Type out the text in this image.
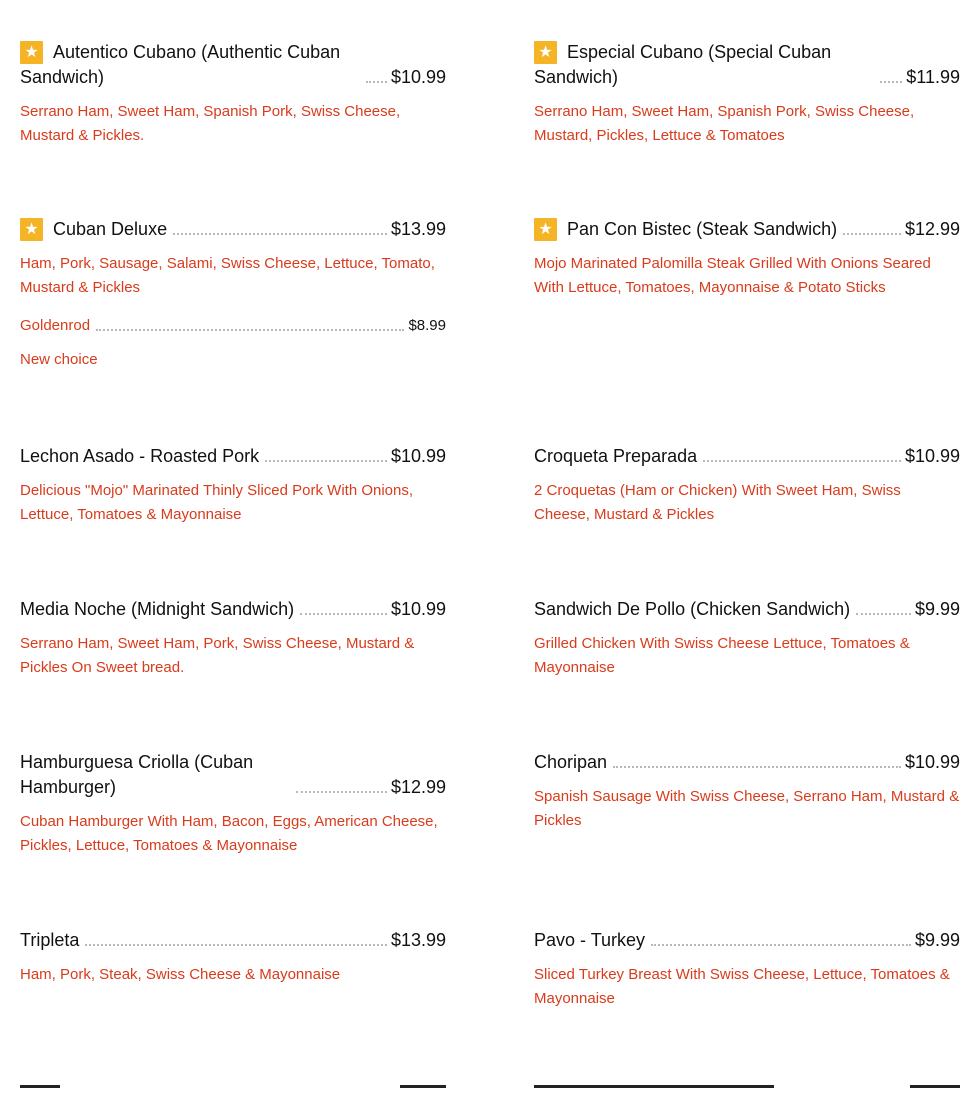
★ Autentico Cubano (Authentic Cuban Sandwich)	$10.99
Serrano Ham, Sweet Ham, Spanish Pork, Swiss Cheese, Mustard & Pickles.
★ Especial Cubano (Special Cuban Sandwich)	$11.99
Serrano Ham, Sweet Ham, Spanish Pork, Swiss Cheese, Mustard, Pickles, Lettuce & Tomatoes
★ Cuban Deluxe	$13.99
Ham, Pork, Sausage, Salami, Swiss Cheese, Lettuce, Tomato, Mustard & Pickles
Goldenrod	$8.99
New choice
★ Pan Con Bistec (Steak Sandwich)	$12.99
Mojo Marinated Palomilla Steak Grilled With Onions Seared With Lettuce, Tomatoes, Mayonnaise & Potato Sticks
Lechon Asado - Roasted Pork	$10.99
Delicious "Mojo" Marinated Thinly Sliced Pork With Onions, Lettuce, Tomatoes & Mayonnaise
Croqueta Preparada	$10.99
2 Croquetas (Ham or Chicken) With Sweet Ham, Swiss Cheese, Mustard & Pickles
Media Noche (Midnight Sandwich)	$10.99
Serrano Ham, Sweet Ham, Pork, Swiss Cheese, Mustard & Pickles On Sweet bread.
Sandwich De Pollo (Chicken Sandwich)	$9.99
Grilled Chicken With Swiss Cheese Lettuce, Tomatoes & Mayonnaise
Hamburguesa Criolla (Cuban Hamburger)	$12.99
Cuban Hamburger With Ham, Bacon, Eggs, American Cheese, Pickles, Lettuce, Tomatoes & Mayonnaise
Choripan	$10.99
Spanish Sausage With Swiss Cheese, Serrano Ham, Mustard & Pickles
Tripleta	$13.99
Ham, Pork, Steak, Swiss Cheese & Mayonnaise
Pavo - Turkey	$9.99
Sliced Turkey Breast With Swiss Cheese, Lettuce, Tomatoes & Mayonnaise
